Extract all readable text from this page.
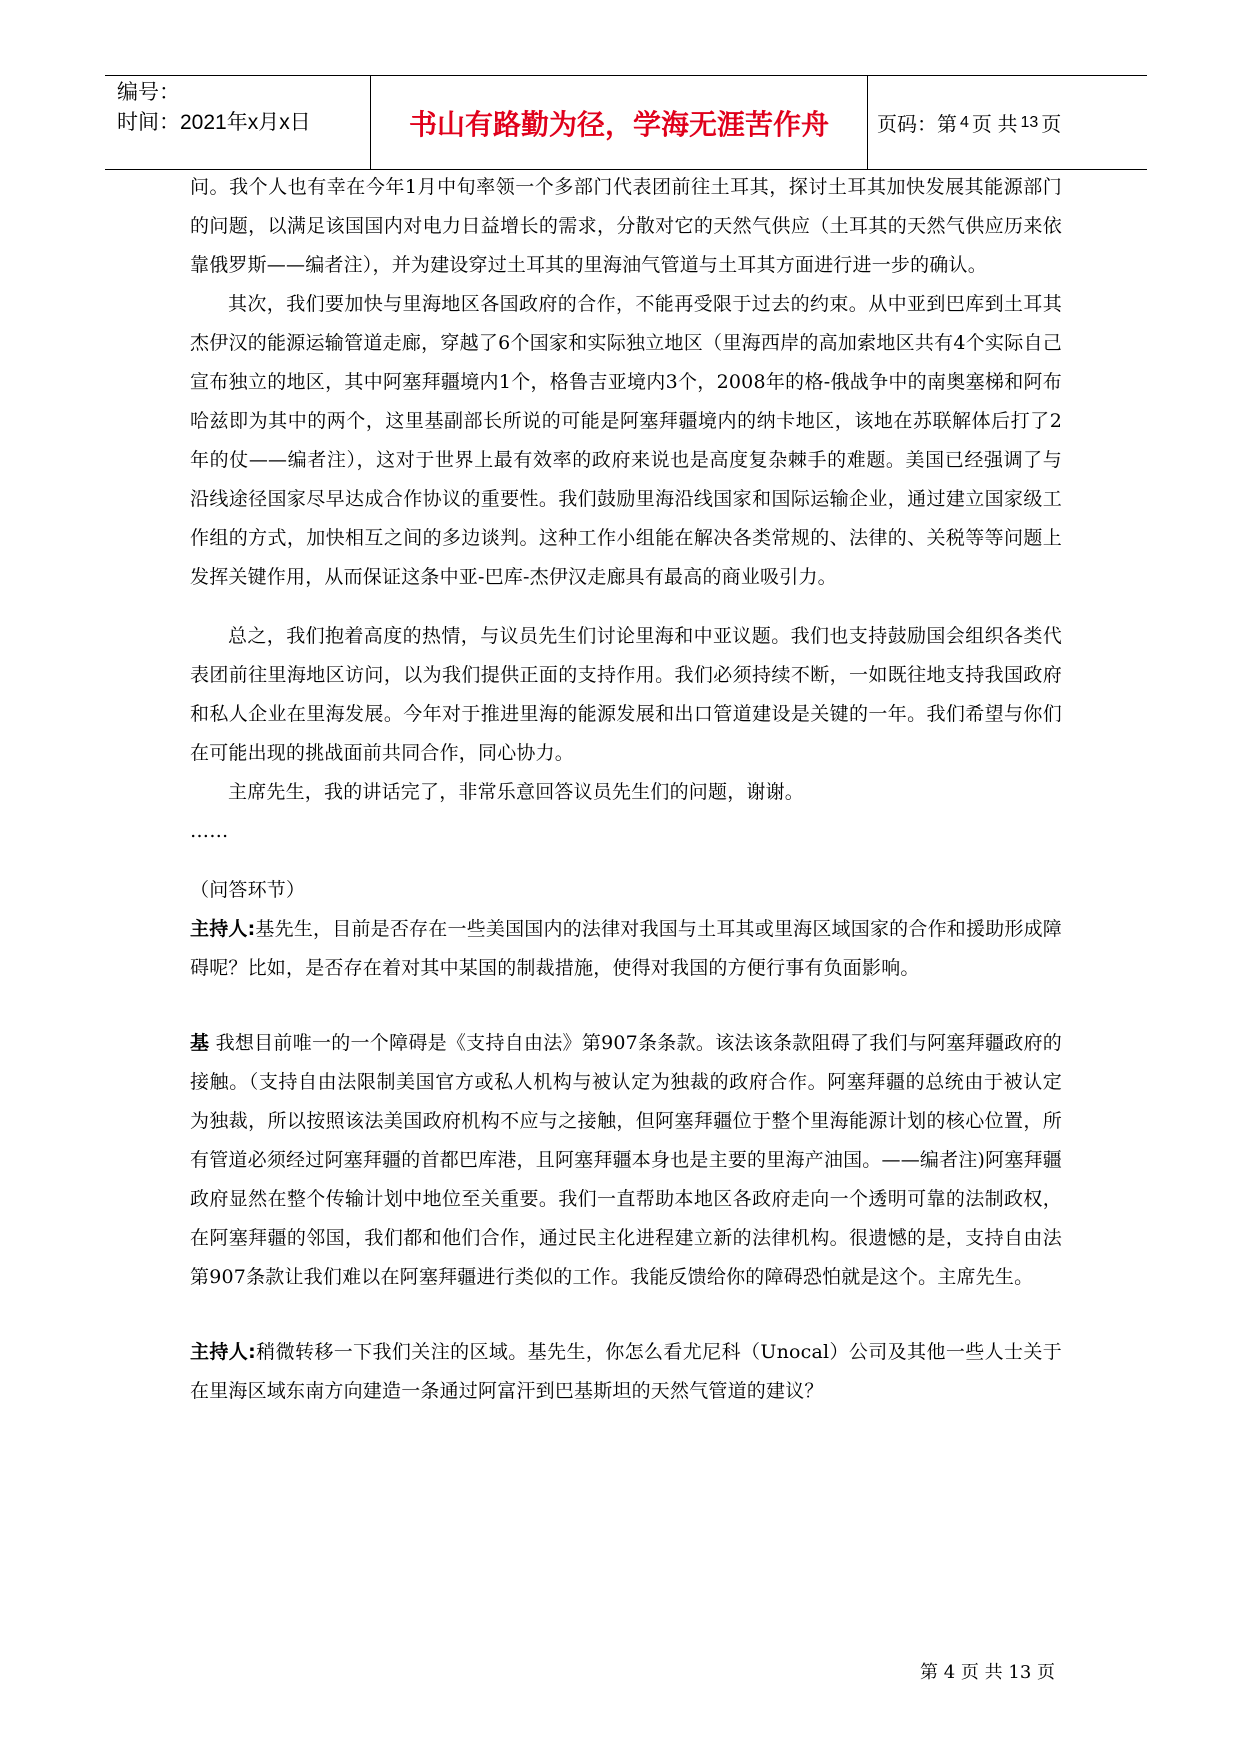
编号：
时间：2021年x月x日	书山有路勤为径，学海无涯苦作舟	页码：第 4 页 共 13 页

问。我个人也有幸在今年1月中旬率领一个多部门代表团前往土耳其，探讨土耳其加快发展其能源部门的问题，以满足该国国内对电力日益增长的需求，分散对它的天然气供应（土耳其的天然气供应历来依靠俄罗斯——编者注），并为建设穿过土耳其的里海油气管道与土耳其方面进行进一步的确认。

其次，我们要加快与里海地区各国政府的合作，不能再受限于过去的约束。从中亚到巴库到土耳其杰伊汉的能源运输管道走廊，穿越了6个国家和实际独立地区（里海西岸的高加索地区共有4个实际自己宣布独立的地区，其中阿塞拜疆境内1个，格鲁吉亚境内3个，2008年的格-俄战争中的南奥塞梯和阿布哈兹即为其中的两个，这里基副部长所说的可能是阿塞拜疆境内的纳卡地区，该地在苏联解体后打了2年的仗——编者注），这对于世界上最有效率的政府来说也是高度复杂棘手的难题。美国已经强调了与沿线途径国家尽早达成合作协议的重要性。我们鼓励里海沿线国家和国际运输企业，通过建立国家级工作组的方式，加快相互之间的多边谈判。这种工作小组能在解决各类常规的、法律的、关税等等问题上发挥关键作用，从而保证这条中亚-巴库-杰伊汉走廊具有最高的商业吸引力。

总之，我们抱着高度的热情，与议员先生们讨论里海和中亚议题。我们也支持鼓励国会组织各类代表团前往里海地区访问，以为我们提供正面的支持作用。我们必须持续不断，一如既往地支持我国政府和私人企业在里海发展。今年对于推进里海的能源发展和出口管道建设是关键的一年。我们希望与你们在可能出现的挑战面前共同合作，同心协力。

主席先生，我的讲话完了，非常乐意回答议员先生们的问题，谢谢。

……

（问答环节）

主持人:基先生，目前是否存在一些美国国内的法律对我国与土耳其或里海区域国家的合作和援助形成障碍呢？比如，是否存在着对其中某国的制裁措施，使得对我国的方便行事有负面影响。

基 我想目前唯一的一个障碍是《支持自由法》第907条条款。该法该条款阻碍了我们与阿塞拜疆政府的接触。（支持自由法限制美国官方或私人机构与被认定为独裁的政府合作。阿塞拜疆的总统由于被认定为独裁，所以按照该法美国政府机构不应与之接触，但阿塞拜疆位于整个里海能源计划的核心位置，所有管道必须经过阿塞拜疆的首都巴库港，且阿塞拜疆本身也是主要的里海产油国。——编者注)阿塞拜疆政府显然在整个传输计划中地位至关重要。我们一直帮助本地区各政府走向一个透明可靠的法制政权，在阿塞拜疆的邻国，我们都和他们合作，通过民主化进程建立新的法律机构。很遗憾的是，支持自由法第907条款让我们难以在阿塞拜疆进行类似的工作。我能反馈给你的障碍恐怕就是这个。主席先生。

主持人:稍微转移一下我们关注的区域。基先生，你怎么看尤尼科（Unocal）公司及其他一些人士关于在里海区域东南方向建造一条通过阿富汗到巴基斯坦的天然气管道的建议？

第 4 页 共 13 页
